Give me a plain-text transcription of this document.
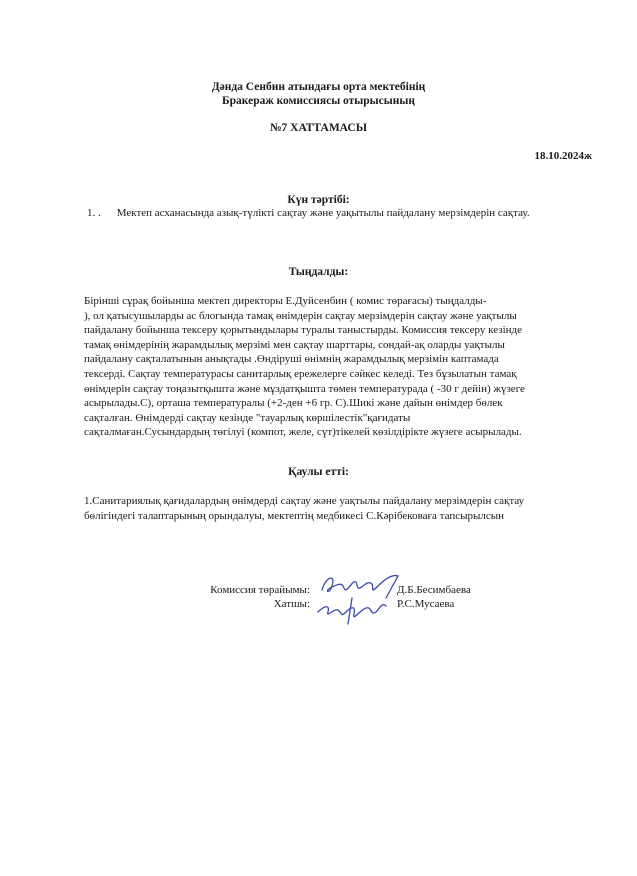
Дәнда Сенбин атындағы орта мектебінің
Бракераж комиссиясы отырысының
№7 ХАТТАМАСЫ
18.10.2024ж
Күн тәртібі:
1. . Мектеп асханасында азық-түлікті сақтау және уақытылы пайдалану мерзімдерін сақтау.
Тыңдалды:
Бірінші сұрақ бойынша мектеп директоры Е.Дуйсенбин ( комис төрағасы) тыңдалды-
), ол қатысушыларды ас блогында тамақ өнімдерін сақтау мерзімдерін сақтау және уақтылы
пайдалану бойынша тексеру қорытындылары туралы таныстырды. Комиссия тексеру кезінде
тамақ өнімдерінің жарамдылық мерзімі мен сақтау шарттары, сондай-ақ оларды уақтылы
пайдалану сақталатынын анықтады .Өндіруші өнімнің жарамдылық мерзімін каптамада
тексерді. Сақтау температурасы санитарлық ережелерге сәйкес келеді. Тез бұзылатын тамақ
өнімдерін сақтау тоңазытқышта және мұздатқышта төмен температурада ( -30 г дейін) жүзеге
асырылады.С), орташа температуралы (+2-ден +6 гр. С).Шикі және дайын өнімдер бөлек
сақталған. Өнімдерді сақтау кезінде "тауарлық көршілестік"қағидаты
сақталмаған.Сусындардың төгілуі (компот, желе, сүт)тікелей көзілдірікте жүзеге асырылады.
Қаулы етті:
1.Санитариялық қағидалардың өнімдерді сақтау және уақтылы пайдалану мерзімдерін сақтау
бөлігіндегі талаптарының орындалуы, мектептің медбикесі С.Кәрібековаға тапсырылсын
Комиссия төрайымы:	Д.Б.Бесимбаева
Хатшы:	Р.С.Мусаева
